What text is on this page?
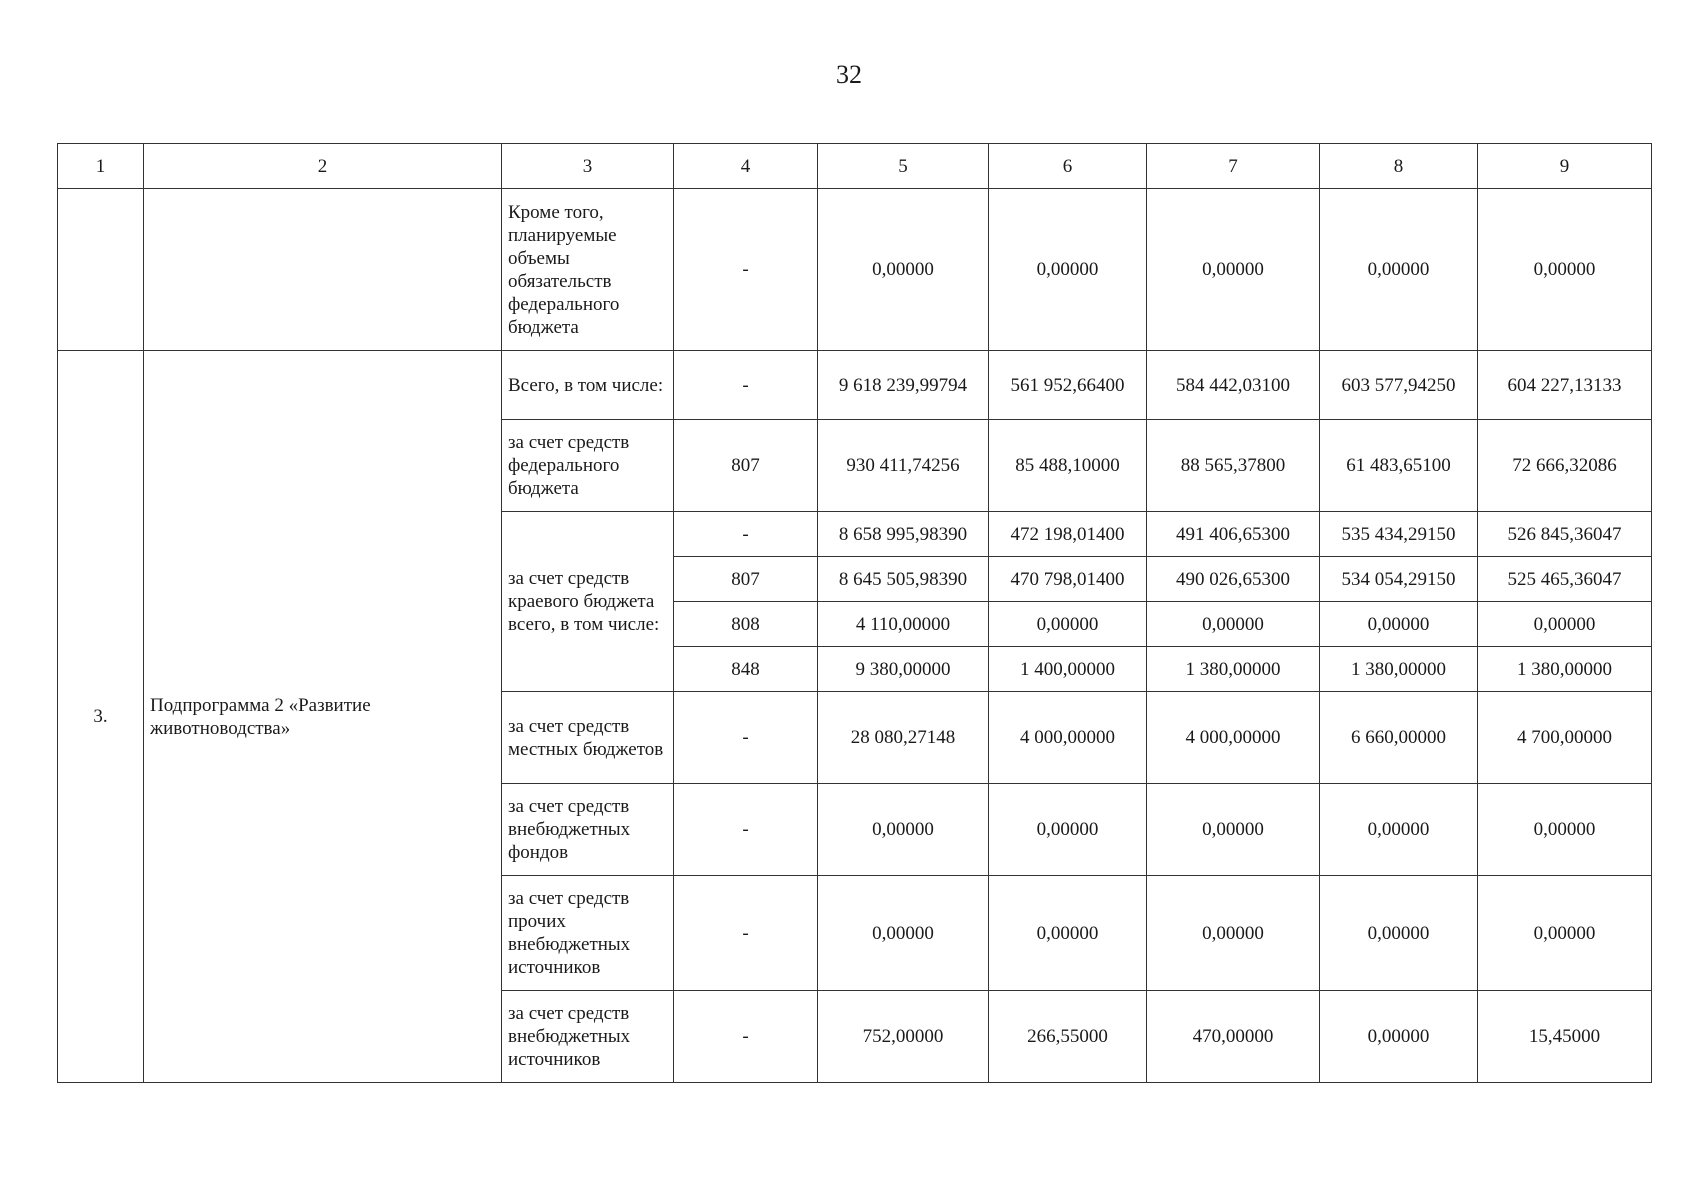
32
1	2	3	4	5	6	7	8	9
		Кроме того, планируемые объемы обязательств федерального бюджета	-	0,00000	0,00000	0,00000	0,00000	0,00000
3.	Подпрограмма 2 «Развитие животноводства»	Всего, в том числе:	-	9 618 239,99794	561 952,66400	584 442,03100	603 577,94250	604 227,13133
		за счет средств федерального бюджета	807	930 411,74256	85 488,10000	88 565,37800	61 483,65100	72 666,32086
		за счет средств краевого бюджета всего, в том числе:	-	8 658 995,98390	472 198,01400	491 406,65300	535 434,29150	526 845,36047
			807	8 645 505,98390	470 798,01400	490 026,65300	534 054,29150	525 465,36047
			808	4 110,00000	0,00000	0,00000	0,00000	0,00000
			848	9 380,00000	1 400,00000	1 380,00000	1 380,00000	1 380,00000
		за счет средств местных бюджетов	-	28 080,27148	4 000,00000	4 000,00000	6 660,00000	4 700,00000
		за счет средств внебюджетных фондов	-	0,00000	0,00000	0,00000	0,00000	0,00000
		за счет средств прочих внебюджетных источников	-	0,00000	0,00000	0,00000	0,00000	0,00000
		за счет средств внебюджетных источников	-	752,00000	266,55000	470,00000	0,00000	15,45000
